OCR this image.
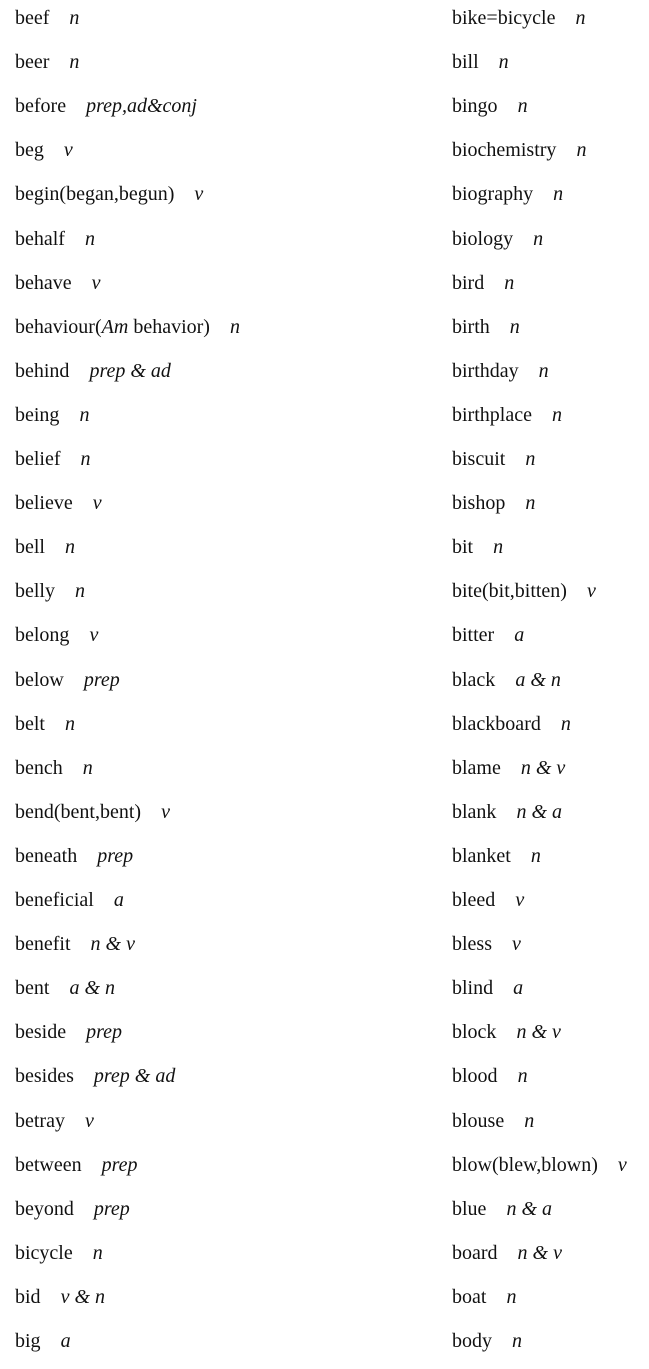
beef n
beer n
before prep,ad&conj
beg v
begin(began,begun) v
behalf n
behave v
behaviour(Am behavior) n
behind prep & ad
being n
belief n
believe v
bell n
belly n
belong v
below prep
belt n
bench n
bend(bent,bent) v
beneath prep
beneficial a
benefit n & v
bent a & n
beside prep
besides prep & ad
betray v
between prep
beyond prep
bicycle n
bid v & n
big a
bike=bicycle n
bill n
bingo n
biochemistry n
biography n
biology n
bird n
birth n
birthday n
birthplace n
biscuit n
bishop n
bit n
bite(bit,bitten) v
bitter a
black a & n
blackboard n
blame n & v
blank n & a
blanket n
bleed v
bless v
blind a
block n & v
blood n
blouse n
blow(blew,blown) v
blue n & a
board n & v
boat n
body n
